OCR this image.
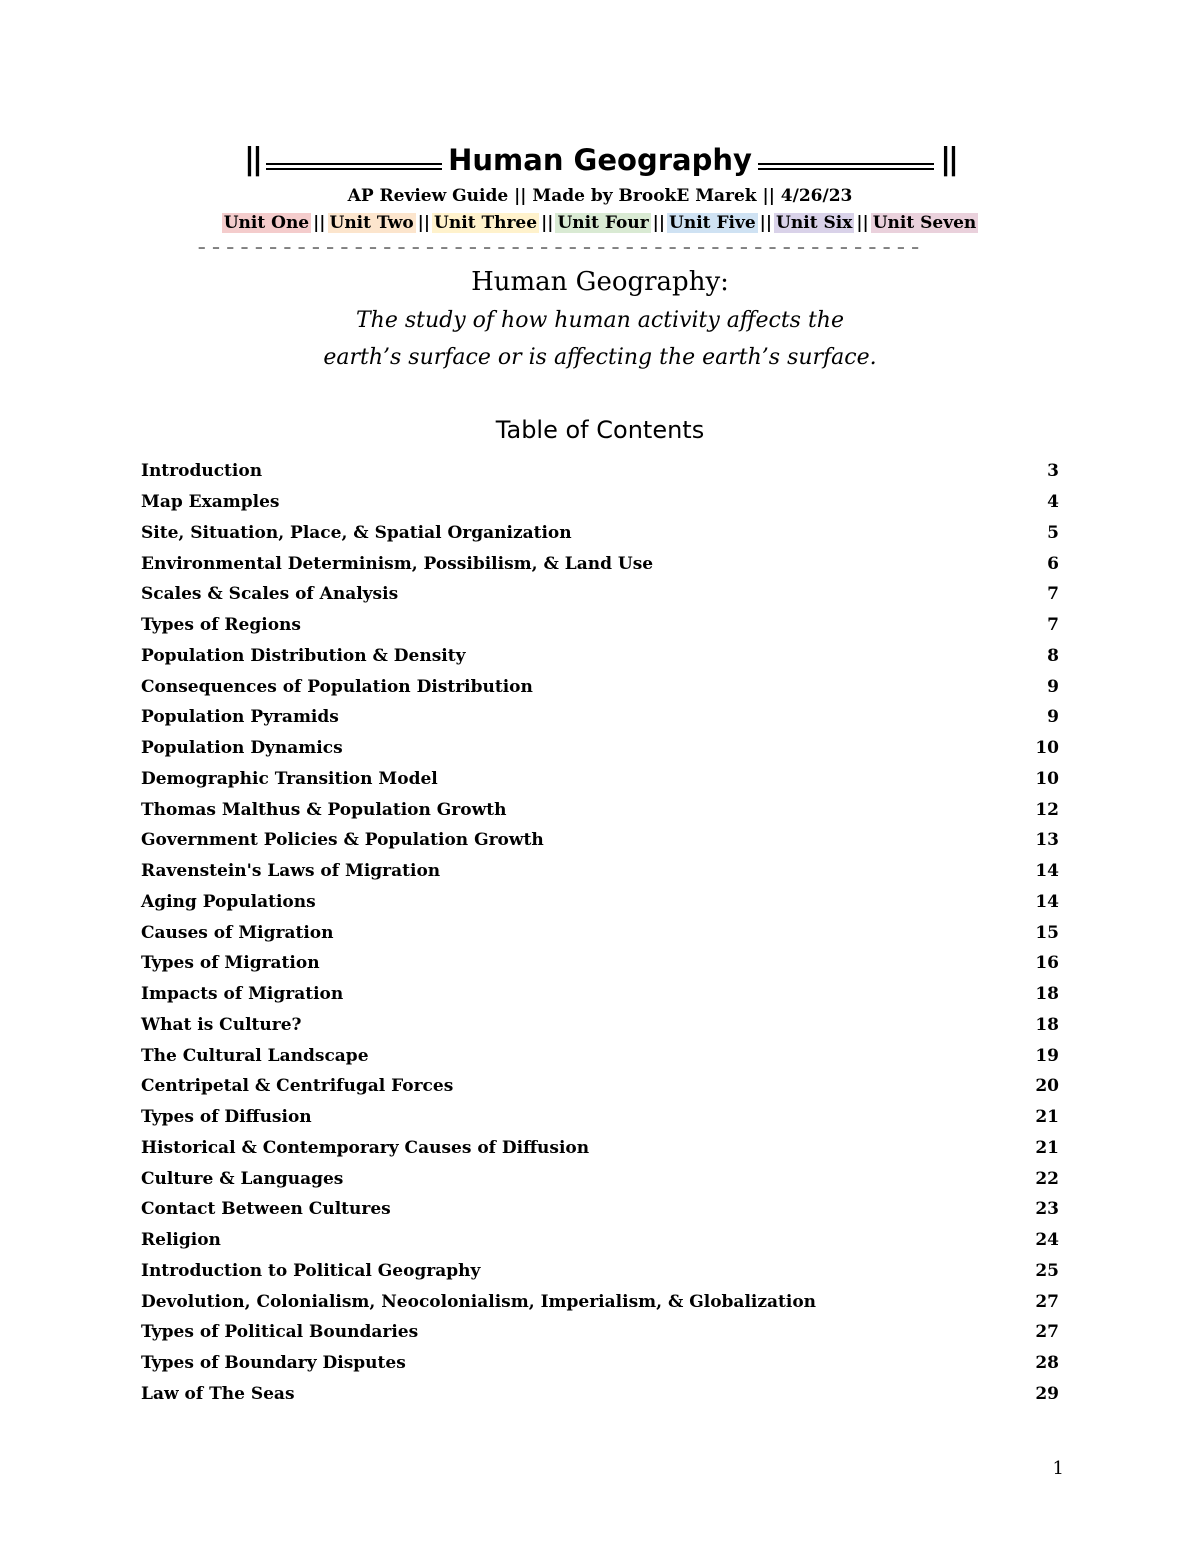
||	Human Geography	||
AP Review Guide || Made by BrookE Marek || 4/26/23
Unit One || Unit Two || Unit Three || Unit Four || Unit Five || Unit Six || Unit Seven
– – – – – – – – – – – – – – – – – – – – – – – – – – – – – – – – – – – – – – – – – – – – – – – – – – –
Human Geography:
The study of how human activity affects the
earth’s surface or is affecting the earth’s surface.
Table of Contents
Introduction	3
Map Examples	4
Site, Situation, Place, & Spatial Organization	5
Environmental Determinism, Possibilism, & Land Use	6
Scales & Scales of Analysis	7
Types of Regions	7
Population Distribution & Density	8
Consequences of Population Distribution	9
Population Pyramids	9
Population Dynamics	10
Demographic Transition Model	10
Thomas Malthus & Population Growth	12
Government Policies & Population Growth	13
Ravenstein's Laws of Migration	14
Aging Populations	14
Causes of Migration	15
Types of Migration	16
Impacts of Migration	18
What is Culture?	18
The Cultural Landscape	19
Centripetal & Centrifugal Forces	20
Types of Diffusion	21
Historical & Contemporary Causes of Diffusion	21
Culture & Languages	22
Contact Between Cultures	23
Religion	24
Introduction to Political Geography	25
Devolution, Colonialism, Neocolonialism, Imperialism, & Globalization	27
Types of Political Boundaries	27
Types of Boundary Disputes	28
Law of The Seas	29
1
